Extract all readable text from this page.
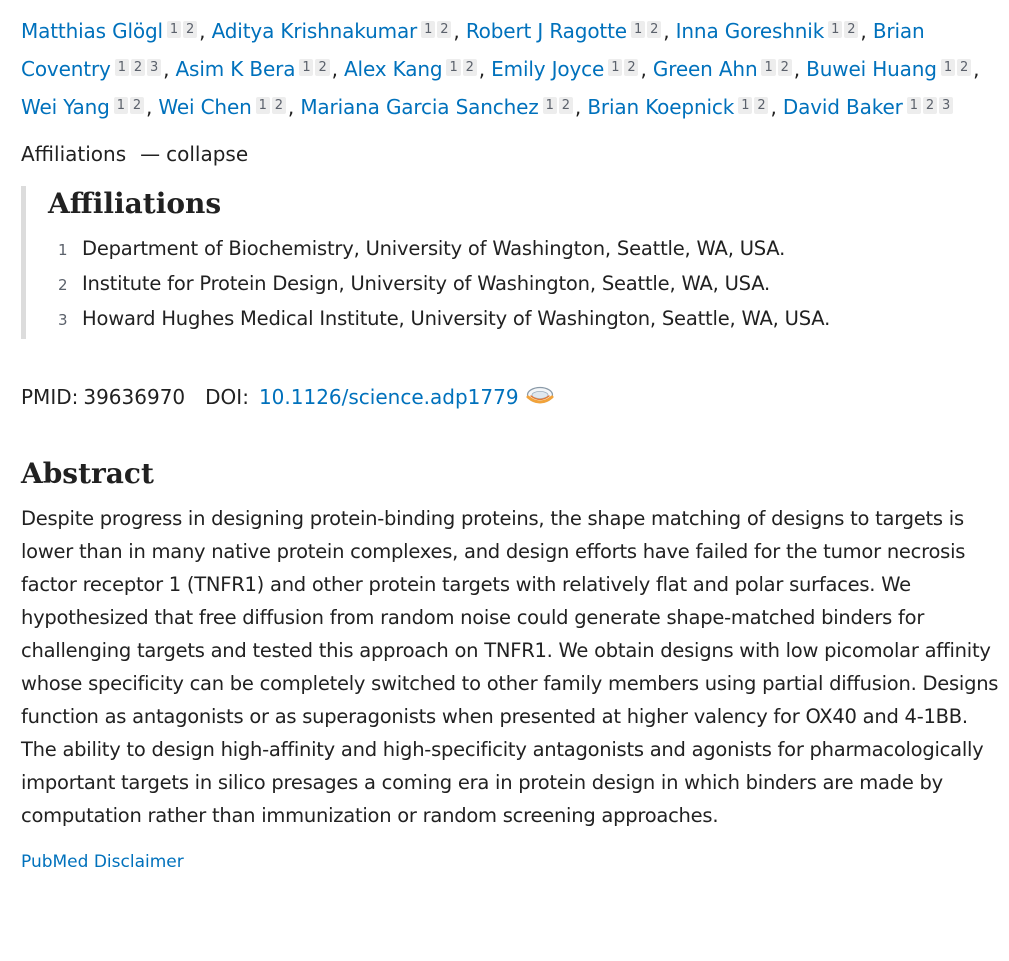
Matthias Glögl 1 2 , Aditya Krishnakumar 1 2 , Robert J Ragotte 1 2 , Inna Goreshnik 1 2 , Brian Coventry 1 2 3 , Asim K Bera 1 2 , Alex Kang 1 2 , Emily Joyce 1 2 , Green Ahn 1 2 , Buwei Huang 1 2 , Wei Yang 1 2 , Wei Chen 1 2 , Mariana Garcia Sanchez 1 2 , Brian Koepnick 1 2 , David Baker 1 2 3
Affiliations — collapse
Affiliations
1 Department of Biochemistry, University of Washington, Seattle, WA, USA.
2 Institute for Protein Design, University of Washington, Seattle, WA, USA.
3 Howard Hughes Medical Institute, University of Washington, Seattle, WA, USA.
PMID: 39636970 DOI: 10.1126/science.adp1779
Abstract

Despite progress in designing protein-binding proteins, the shape matching of designs to targets is lower than in many native protein complexes, and design efforts have failed for the tumor necrosis factor receptor 1 (TNFR1) and other protein targets with relatively flat and polar surfaces. We hypothesized that free diffusion from random noise could generate shape-matched binders for challenging targets and tested this approach on TNFR1. We obtain designs with low picomolar affinity whose specificity can be completely switched to other family members using partial diffusion. Designs function as antagonists or as superagonists when presented at higher valency for OX40 and 4-1BB. The ability to design high-affinity and high-specificity antagonists and agonists for pharmacologically important targets in silico presages a coming era in protein design in which binders are made by computation rather than immunization or random screening approaches.

PubMed Disclaimer
